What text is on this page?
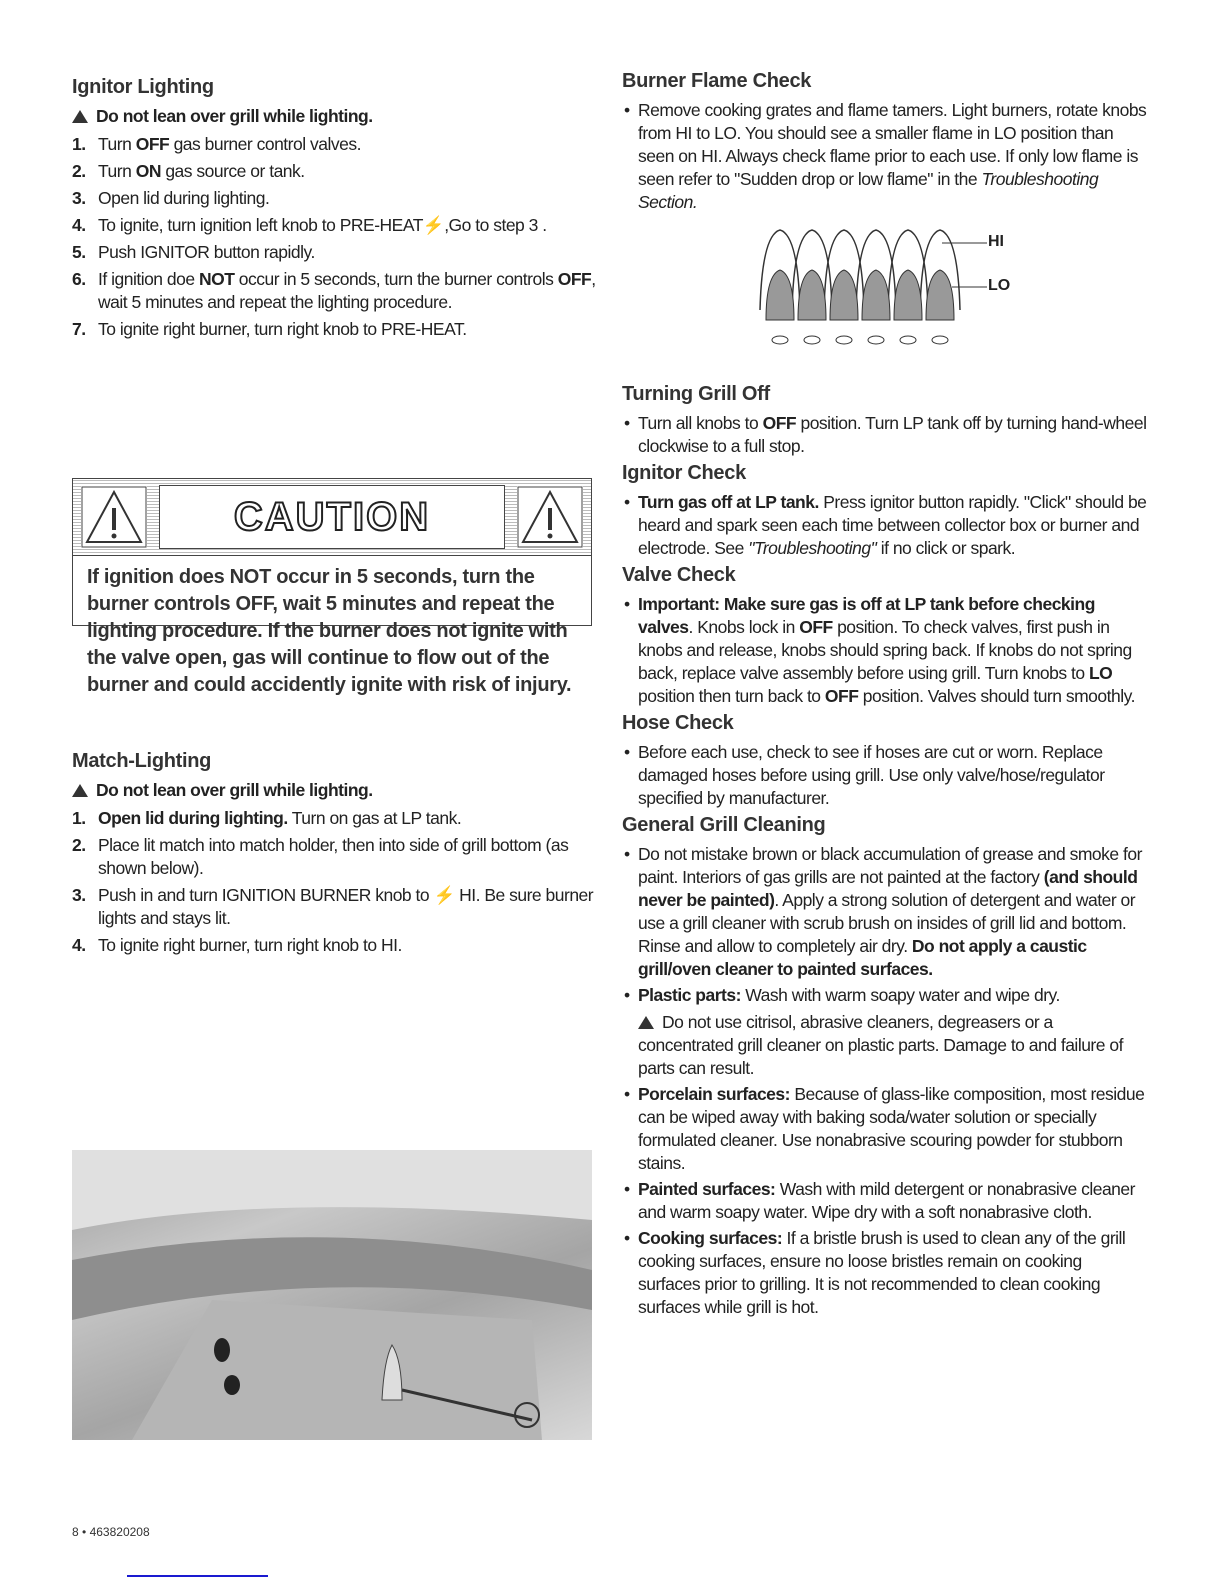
Ignitor Lighting
Do not lean over grill while lighting.
1. Turn OFF gas burner control valves.
2. Turn ON gas source or tank.
3. Open lid during lighting.
4. To ignite, turn ignition left knob to PRE-HEAT⚡,Go to step 3 .
5. Push IGNITOR button rapidly.
6. If ignition doe NOT occur in 5 seconds, turn the burner controls OFF, wait 5 minutes and repeat the lighting procedure.
7. To ignite right burner, turn right knob to PRE-HEAT.
CAUTION
If ignition does NOT occur in 5 seconds, turn the burner controls OFF, wait 5 minutes and repeat the lighting procedure. If the burner does not ignite with the valve open, gas will continue to flow out of the burner and could accidently ignite with risk of injury.
Match-Lighting
Do not lean over grill while lighting.
1. Open lid during lighting. Turn on gas at LP tank.
2. Place lit match into match holder, then into side of grill bottom (as shown below).
3. Push in and turn IGNITION BURNER knob to ⚡ HI. Be sure burner lights and stays lit.
4. To ignite right burner, turn right knob to HI.
Burner Flame Check
• Remove cooking grates and flame tamers. Light burners, rotate knobs from HI to LO. You should see a smaller flame in LO position than seen on HI. Always check flame prior to each use. If only low flame is seen refer to "Sudden drop or low flame" in the Troubleshooting Section.
Turning Grill Off
• Turn all knobs to OFF position. Turn LP tank off by turning hand-wheel clockwise to a full stop.
Ignitor Check
• Turn gas off at LP tank. Press ignitor button rapidly. "Click" should be heard and spark seen each time between collector box or burner and electrode. See "Troubleshooting" if no click or spark.
Valve Check
• Important: Make sure gas is off at LP tank before checking valves. Knobs lock in OFF position. To check valves, first push in knobs and release, knobs should spring back. If knobs do not spring back, replace valve assembly before using grill. Turn knobs to LO position then turn back to OFF position. Valves should turn smoothly.
Hose Check
• Before each use, check to see if hoses are cut or worn. Replace damaged hoses before using grill. Use only valve/hose/regulator specified by manufacturer.
General Grill Cleaning
• Do not mistake brown or black accumulation of grease and smoke for paint. Interiors of gas grills are not painted at the factory (and should never be painted). Apply a strong solution of detergent and water or use a grill cleaner with scrub brush on insides of grill lid and bottom. Rinse and allow to completely air dry. Do not apply a caustic grill/oven cleaner to painted surfaces.
• Plastic parts: Wash with warm soapy water and wipe dry.
Do not use citrisol, abrasive cleaners, degreasers or a concentrated grill cleaner on plastic parts. Damage to and failure of parts can result.
• Porcelain surfaces: Because of glass-like composition, most residue can be wiped away with baking soda/water solution or specially formulated cleaner. Use nonabrasive scouring powder for stubborn stains.
• Painted surfaces: Wash with mild detergent or nonabrasive cleaner and warm soapy water. Wipe dry with a soft nonabrasive cloth.
• Cooking surfaces: If a bristle brush is used to clean any of the grill cooking surfaces, ensure no loose bristles remain on cooking surfaces prior to grilling. It is not recommended to clean cooking surfaces while grill is hot.
HI
LO
8 • 463820208
